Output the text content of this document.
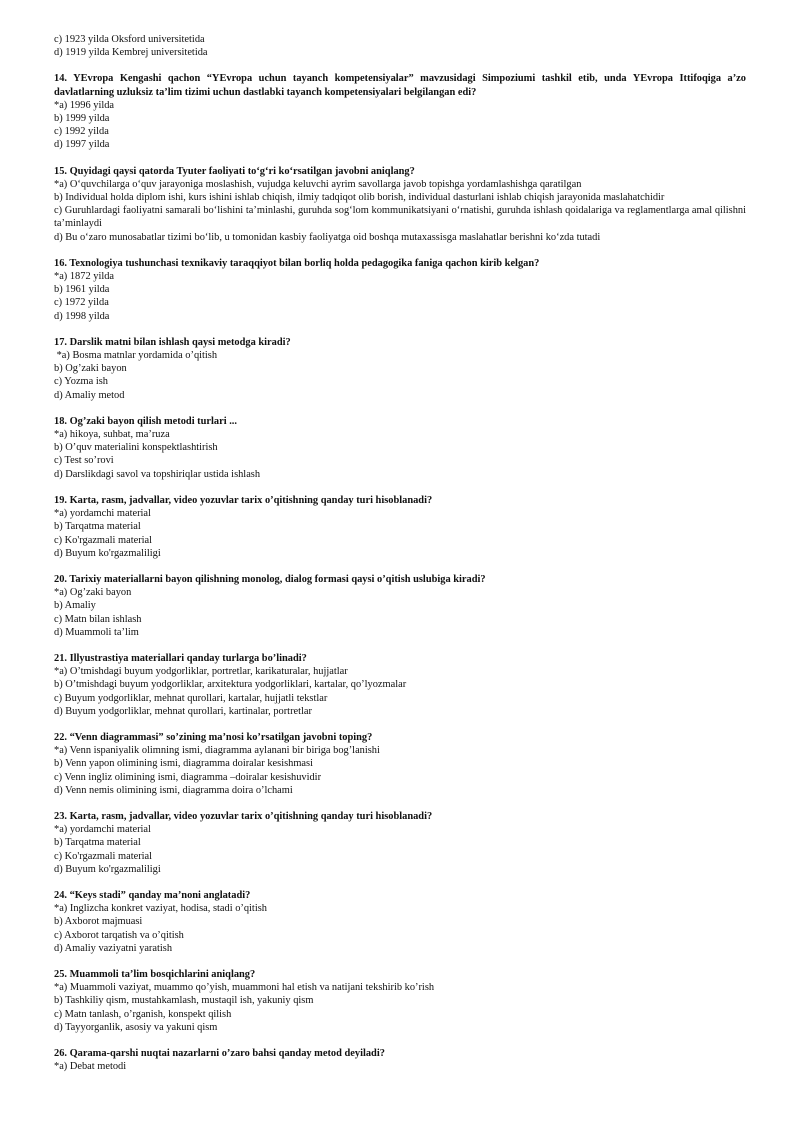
c) 1923 yilda Oksford universitetida
d) 1919 yilda Kembrej universitetida
14. YEvropa Kengashi qachon “YEvropa uchun tayanch kompetensiyalar” mavzusidagi Simpoziumi tashkil etib, unda YEvropa Ittifoqiga a’zo davlatlarning uzluksiz ta’lim tizimi uchun dastlabki tayanch kompetensiyalari belgilangan edi?
*a) 1996 yilda
b) 1999 yilda
c) 1992 yilda
d) 1997 yilda
15. Quyidagi qaysi qatorda Tyuter faoliyati to‘g‘ri ko‘rsatilgan javobni aniqlang?
*a) O‘quvchilarga o‘quv jarayoniga moslashish, vujudga keluvchi ayrim savollarga javob topishga yordamlashishga qaratilgan
b) Individual holda diplom ishi, kurs ishini ishlab chiqish, ilmiy tadqiqot olib borish, individual dasturlani ishlab chiqish jarayonida maslahatchidir
c) Guruhlardagi faoliyatni samarali bo‘lishini ta’minlashi, guruhda sog‘lom kommunikatsiyani o‘rnatishi, guruhda ishlash qoidalariga va reglamentlarga amal qilishni ta’minlaydi
d) Bu o‘zaro munosabatlar tizimi bo‘lib, u tomonidan kasbiy faoliyatga oid boshqa mutaxassisga maslahatlar berishni ko‘zda tutadi
16. Texnologiya tushunchasi texnikaviy taraqqiyot bilan borliq holda pedagogika faniga qachon kirib kelgan?
*a) 1872 yilda
b) 1961 yilda
c) 1972 yilda
d) 1998 yilda
17. Darslik matni bilan ishlash qaysi metodga kiradi?
*a) Bosma matnlar yordamida o’qitish
b) Og’zaki bayon
c) Yozma ish
d) Amaliy metod
18. Og’zaki bayon qilish metodi turlari ...
*a) hikoya, suhbat, ma’ruza
b) O’quv materialini konspektlashtirish
c) Test so’rovi
d) Darslikdagi savol va topshiriqlar ustida ishlash
19. Karta, rasm, jadvallar, video yozuvlar tarix o’qitishning qanday turi hisoblanadi?
*a) yordamchi material
b) Tarqatma material
c) Ko'rgazmali material
d) Buyum ko'rgazmaliligi
20. Tarixiy materiallarni bayon qilishning monolog, dialog formasi qaysi o’qitish uslubiga kiradi?
*a) Og’zaki bayon
b) Amaliy
c) Matn bilan ishlash
d) Muammoli ta’lim
21. Illyustrastiya materiallari qanday turlarga bo’linadi?
*a) O’tmishdagi buyum yodgorliklar, portretlar, karikaturalar, hujjatlar
b) O’tmishdagi buyum yodgorliklar, arxitektura yodgorliklari, kartalar, qo’lyozmalar
c) Buyum yodgorliklar, mehnat qurollari, kartalar, hujjatli tekstlar
d) Buyum yodgorliklar, mehnat qurollari, kartinalar, portretlar
22. “Venn diagrammasi” so’zining ma’nosi ko’rsatilgan javobni toping?
*a) Venn ispaniyalik olimning ismi, diagramma aylanani bir biriga bog’lanishi
b) Venn yapon olimining ismi, diagramma doiralar kesishmasi
c) Venn ingliz olimining ismi, diagramma –doiralar kesishuvidir
d) Venn nemis olimining ismi, diagramma doira o’lchami
23. Karta, rasm, jadvallar, video yozuvlar tarix o’qitishning qanday turi hisoblanadi?
*a) yordamchi material
b) Tarqatma material
c) Ko'rgazmali material
d) Buyum ko'rgazmaliligi
24. “Keys stadi” qanday ma’noni anglatadi?
*a) Inglizcha konkret vaziyat, hodisa, stadi o’qitish
b) Axborot majmuasi
c) Axborot tarqatish va o’qitish
d) Amaliy vaziyatni yaratish
25. Muammoli ta’lim bosqichlarini aniqlang?
*a) Muammoli vaziyat, muammo qo’yish, muammoni hal etish va natijani tekshirib ko’rish
b) Tashkiliy qism, mustahkamlash, mustaqil ish, yakuniy qism
c) Matn tanlash, o’rganish, konspekt qilish
d) Tayyorganlik, asosiy va yakuni qism
26. Qarama-qarshi nuqtai nazarlarni o’zaro bahsi qanday metod deyiladi?
*a) Debat metodi
